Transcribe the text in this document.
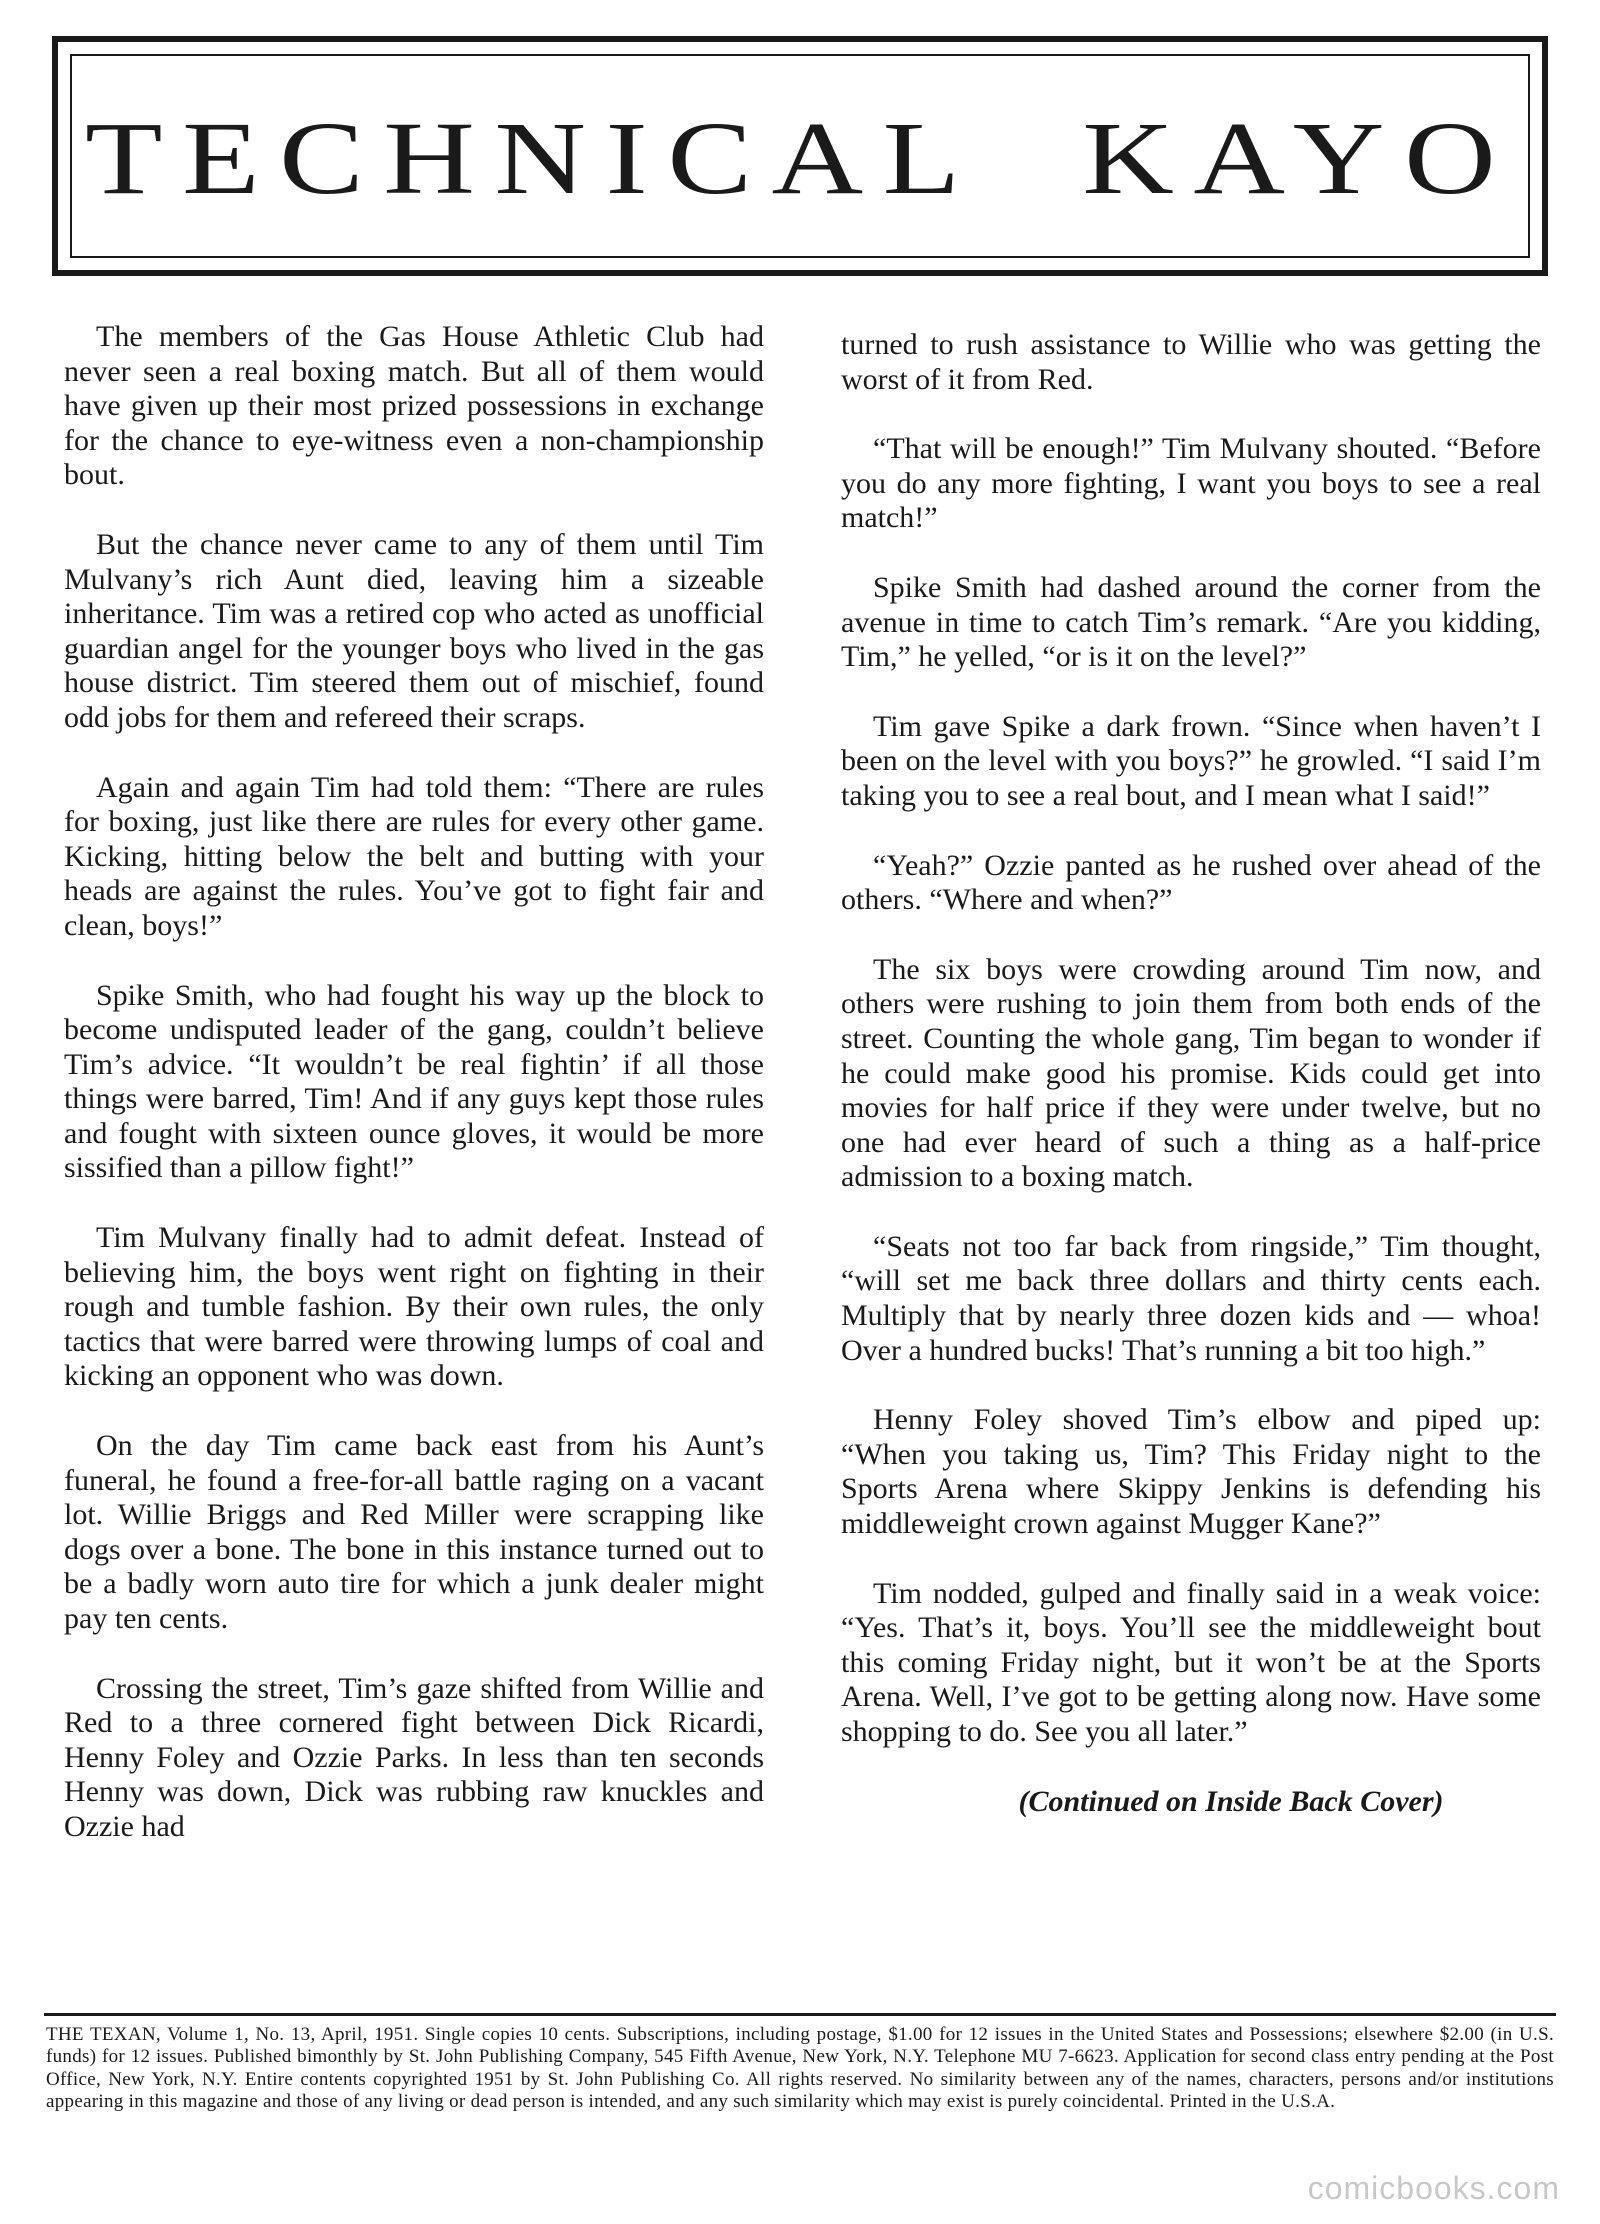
TECHNICAL KAYO

The members of the Gas House Athletic Club had never seen a real boxing match. But all of them would have given up their most prized possessions in exchange for the chance to eye-witness even a non-championship bout.

But the chance never came to any of them until Tim Mulvany’s rich Aunt died, leaving him a sizeable inheritance. Tim was a retired cop who acted as unofficial guardian angel for the younger boys who lived in the gas house district. Tim steered them out of mischief, found odd jobs for them and refereed their scraps.

Again and again Tim had told them: “There are rules for boxing, just like there are rules for every other game. Kicking, hitting below the belt and butting with your heads are against the rules. You’ve got to fight fair and clean, boys!”

Spike Smith, who had fought his way up the block to become undisputed leader of the gang, couldn’t believe Tim’s advice. “It wouldn’t be real fightin’ if all those things were barred, Tim! And if any guys kept those rules and fought with sixteen ounce gloves, it would be more sissified than a pillow fight!”

Tim Mulvany finally had to admit defeat. Instead of believing him, the boys went right on fighting in their rough and tumble fashion. By their own rules, the only tactics that were barred were throwing lumps of coal and kicking an opponent who was down.

On the day Tim came back east from his Aunt’s funeral, he found a free-for-all battle raging on a vacant lot. Willie Briggs and Red Miller were scrapping like dogs over a bone. The bone in this instance turned out to be a badly worn auto tire for which a junk dealer might pay ten cents.

Crossing the street, Tim’s gaze shifted from Willie and Red to a three cornered fight between Dick Ricardi, Henny Foley and Ozzie Parks. In less than ten seconds Henny was down, Dick was rubbing raw knuckles and Ozzie had

turned to rush assistance to Willie who was getting the worst of it from Red.

“That will be enough!” Tim Mulvany shouted. “Before you do any more fighting, I want you boys to see a real match!”

Spike Smith had dashed around the corner from the avenue in time to catch Tim’s remark. “Are you kidding, Tim,” he yelled, “or is it on the level?”

Tim gave Spike a dark frown. “Since when haven’t I been on the level with you boys?” he growled. “I said I’m taking you to see a real bout, and I mean what I said!”

“Yeah?” Ozzie panted as he rushed over ahead of the others. “Where and when?”

The six boys were crowding around Tim now, and others were rushing to join them from both ends of the street. Counting the whole gang, Tim began to wonder if he could make good his promise. Kids could get into movies for half price if they were under twelve, but no one had ever heard of such a thing as a half-price admission to a boxing match.

“Seats not too far back from ringside,” Tim thought, “will set me back three dollars and thirty cents each. Multiply that by nearly three dozen kids and — whoa! Over a hundred bucks! That’s running a bit too high.”

Henny Foley shoved Tim’s elbow and piped up: “When you taking us, Tim? This Friday night to the Sports Arena where Skippy Jenkins is defending his middleweight crown against Mugger Kane?”

Tim nodded, gulped and finally said in a weak voice: “Yes. That’s it, boys. You’ll see the middleweight bout this coming Friday night, but it won’t be at the Sports Arena. Well, I’ve got to be getting along now. Have some shopping to do. See you all later.”

(Continued on Inside Back Cover)

THE TEXAN, Volume 1, No. 13, April, 1951. Single copies 10 cents. Subscriptions, including postage, $1.00 for 12 issues in the United States and Possessions; elsewhere $2.00 (in U.S. funds) for 12 issues. Published bimonthly by St. John Publishing Company, 545 Fifth Avenue, New York, N.Y. Telephone MU 7-6623. Application for second class entry pending at the Post Office, New York, N.Y. Entire contents copyrighted 1951 by St. John Publishing Co. All rights reserved. No similarity between any of the names, characters, persons and/or institutions appearing in this magazine and those of any living or dead person is intended, and any such similarity which may exist is purely coincidental. Printed in the U.S.A.
comicbooks.com
